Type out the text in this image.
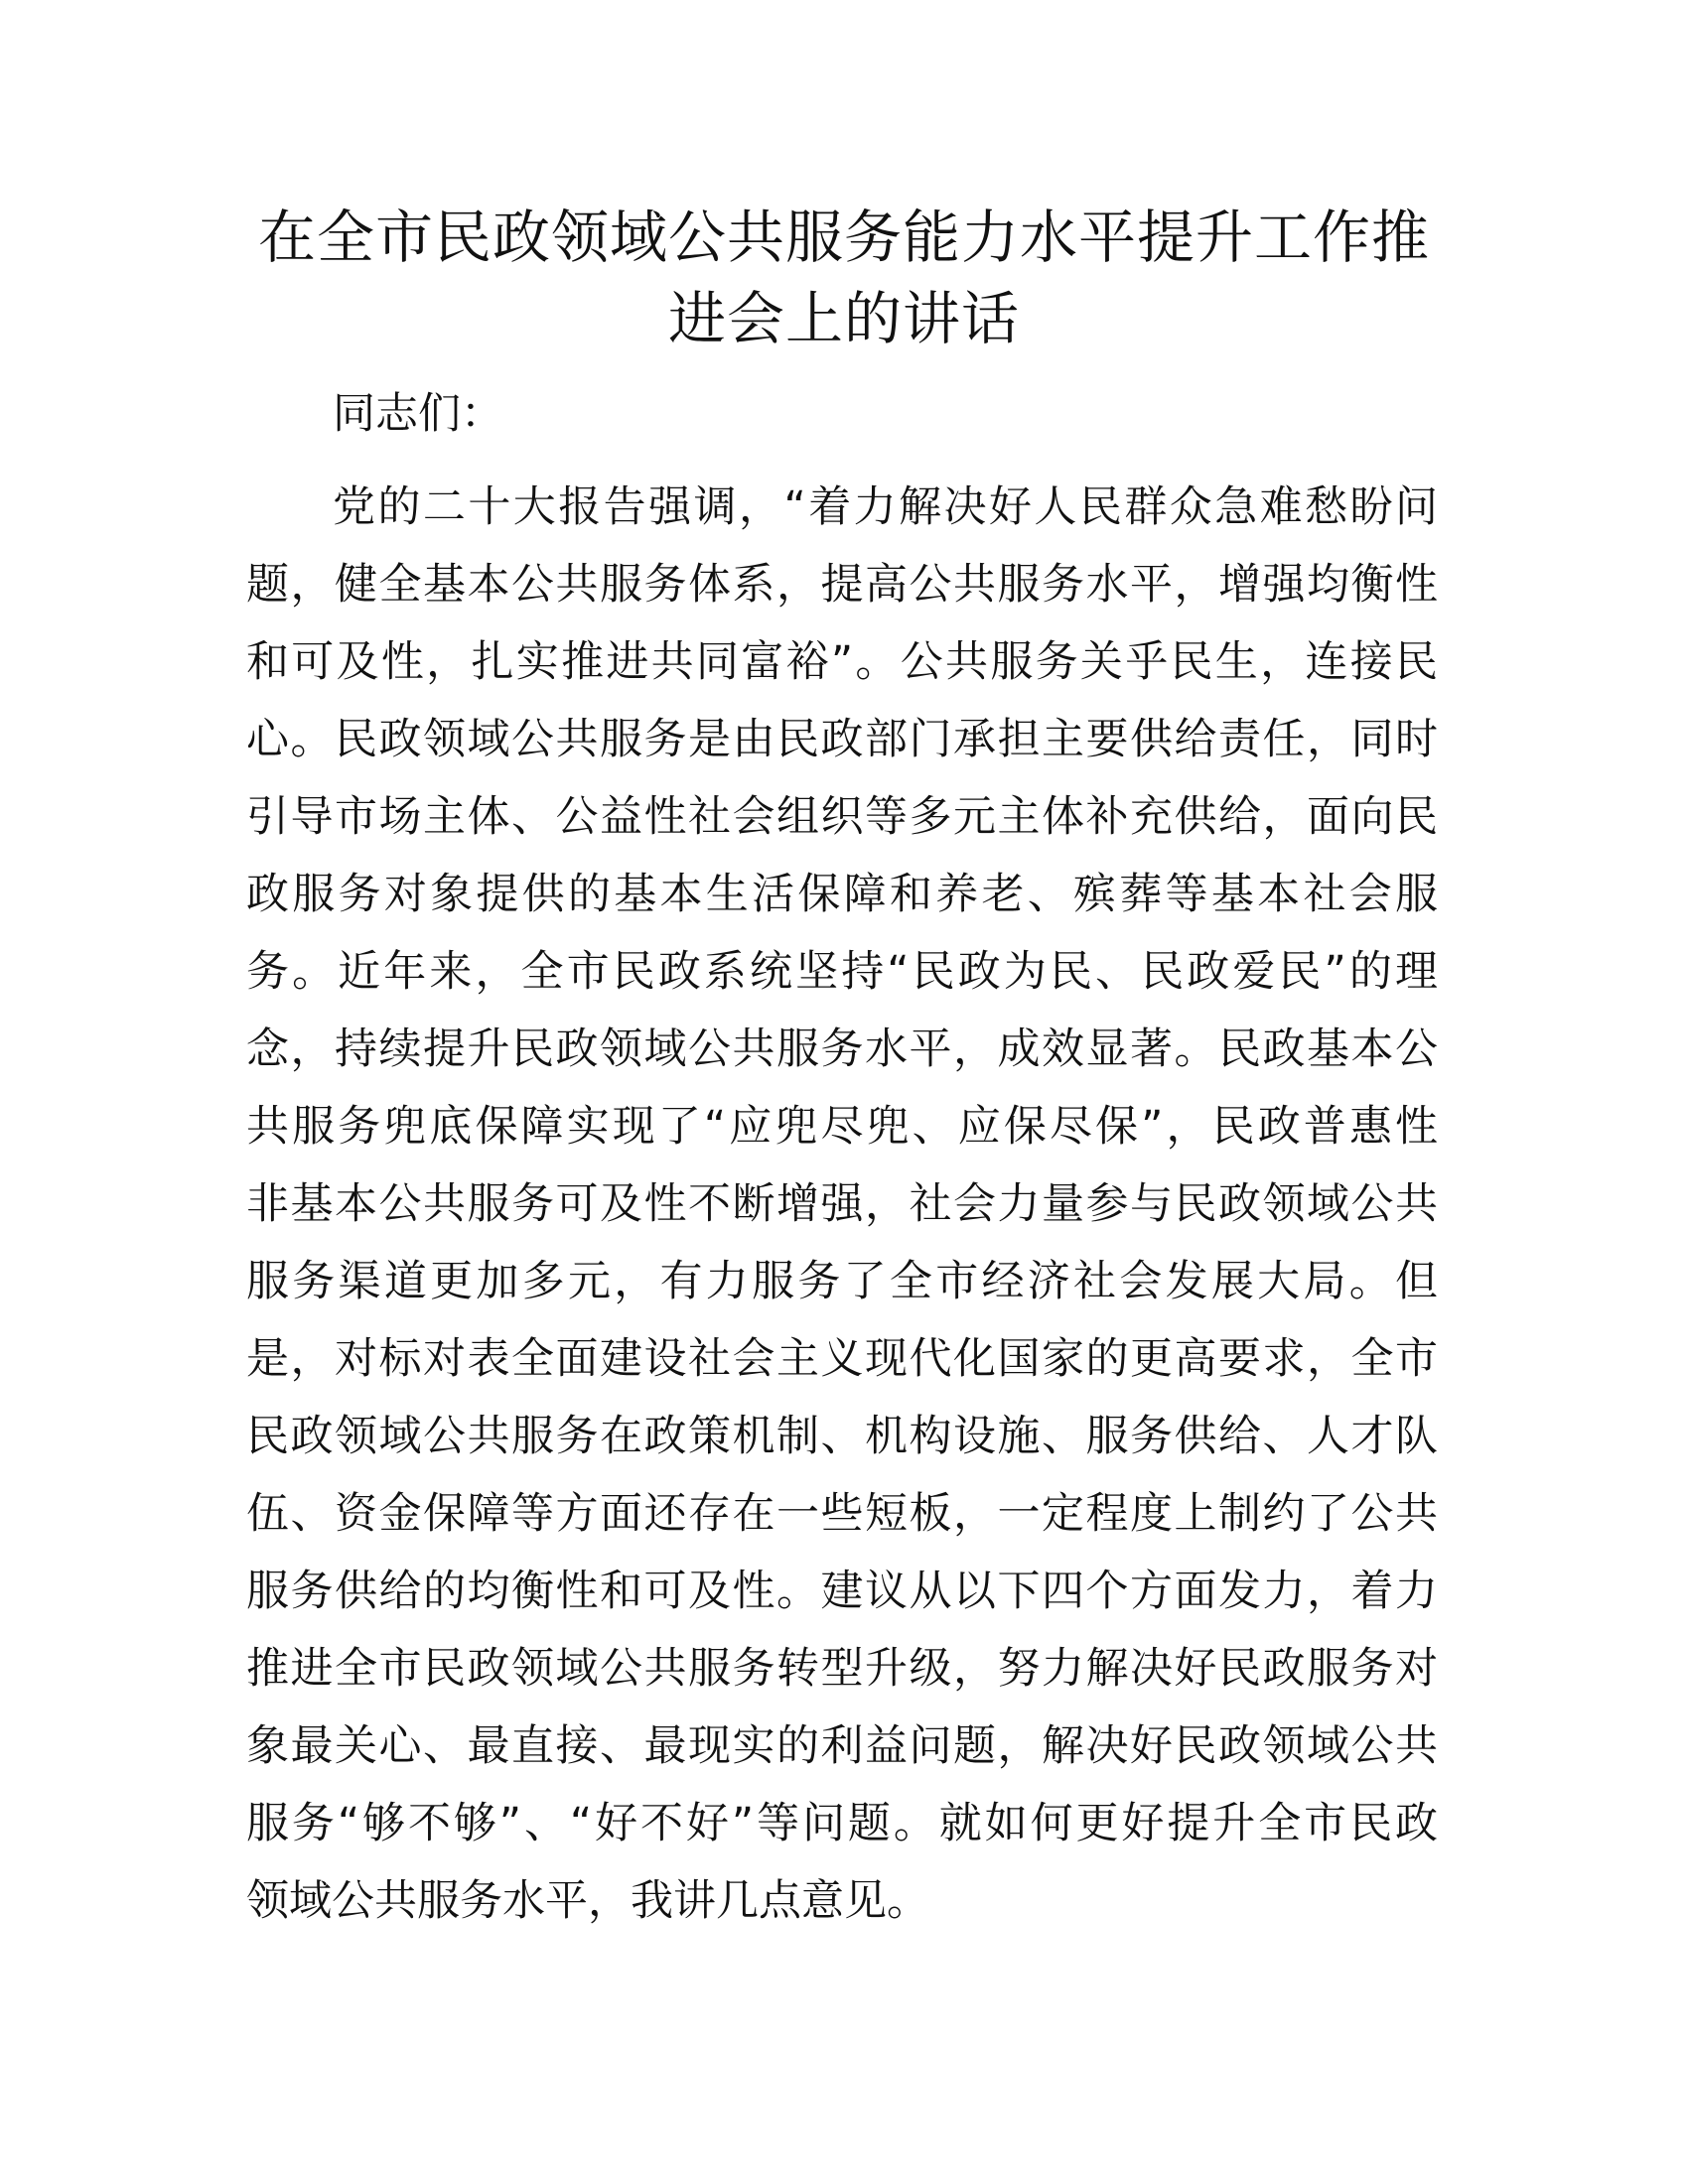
在全市民政领域公共服务能力水平提升工作推
进会上的讲话

同志们：

党的二十大报告强调，“着力解决好人民群众急难愁盼问
题，健全基本公共服务体系，提高公共服务水平，增强均衡性
和可及性，扎实推进共同富裕”。公共服务关乎民生，连接民
心。民政领域公共服务是由民政部门承担主要供给责任，同时
引导市场主体、公益性社会组织等多元主体补充供给，面向民
政服务对象提供的基本生活保障和养老、殡葬等基本社会服
务。近年来，全市民政系统坚持“民政为民、民政爱民”的理
念，持续提升民政领域公共服务水平，成效显著。民政基本公
共服务兜底保障实现了“应兜尽兜、应保尽保”，民政普惠性
非基本公共服务可及性不断增强，社会力量参与民政领域公共
服务渠道更加多元，有力服务了全市经济社会发展大局。但
是，对标对表全面建设社会主义现代化国家的更高要求，全市
民政领域公共服务在政策机制、机构设施、服务供给、人才队
伍、资金保障等方面还存在一些短板，一定程度上制约了公共
服务供给的均衡性和可及性。建议从以下四个方面发力，着力
推进全市民政领域公共服务转型升级，努力解决好民政服务对
象最关心、最直接、最现实的利益问题，解决好民政领域公共
服务“够不够”、“好不好”等问题。就如何更好提升全市民政
领域公共服务水平，我讲几点意见。
